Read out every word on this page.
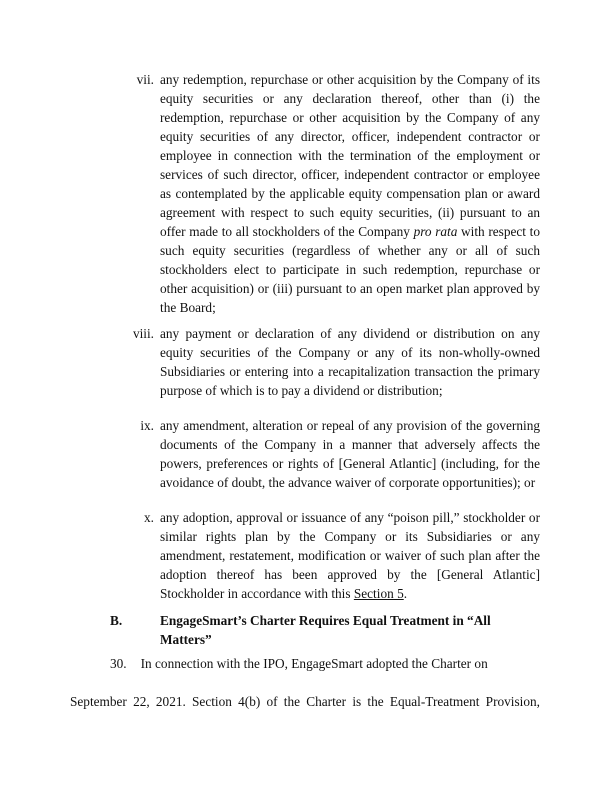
vii. any redemption, repurchase or other acquisition by the Company of its equity securities or any declaration thereof, other than (i) the redemption, repurchase or other acquisition by the Company of any equity securities of any director, officer, independent contractor or employee in connection with the termination of the employment or services of such director, officer, independent contractor or employee as contemplated by the applicable equity compensation plan or award agreement with respect to such equity securities, (ii) pursuant to an offer made to all stockholders of the Company pro rata with respect to such equity securities (regardless of whether any or all of such stockholders elect to participate in such redemption, repurchase or other acquisition) or (iii) pursuant to an open market plan approved by the Board;
viii. any payment or declaration of any dividend or distribution on any equity securities of the Company or any of its non-wholly-owned Subsidiaries or entering into a recapitalization transaction the primary purpose of which is to pay a dividend or distribution;
ix. any amendment, alteration or repeal of any provision of the governing documents of the Company in a manner that adversely affects the powers, preferences or rights of [General Atlantic] (including, for the avoidance of doubt, the advance waiver of corporate opportunities); or
x. any adoption, approval or issuance of any “poison pill,” stockholder or similar rights plan by the Company or its Subsidiaries or any amendment, restatement, modification or waiver of such plan after the adoption thereof has been approved by the [General Atlantic] Stockholder in accordance with this Section 5.
B.	EngageSmart’s Charter Requires Equal Treatment in “All Matters”
30. In connection with the IPO, EngageSmart adopted the Charter on
September 22, 2021. Section 4(b) of the Charter is the Equal-Treatment Provision,
